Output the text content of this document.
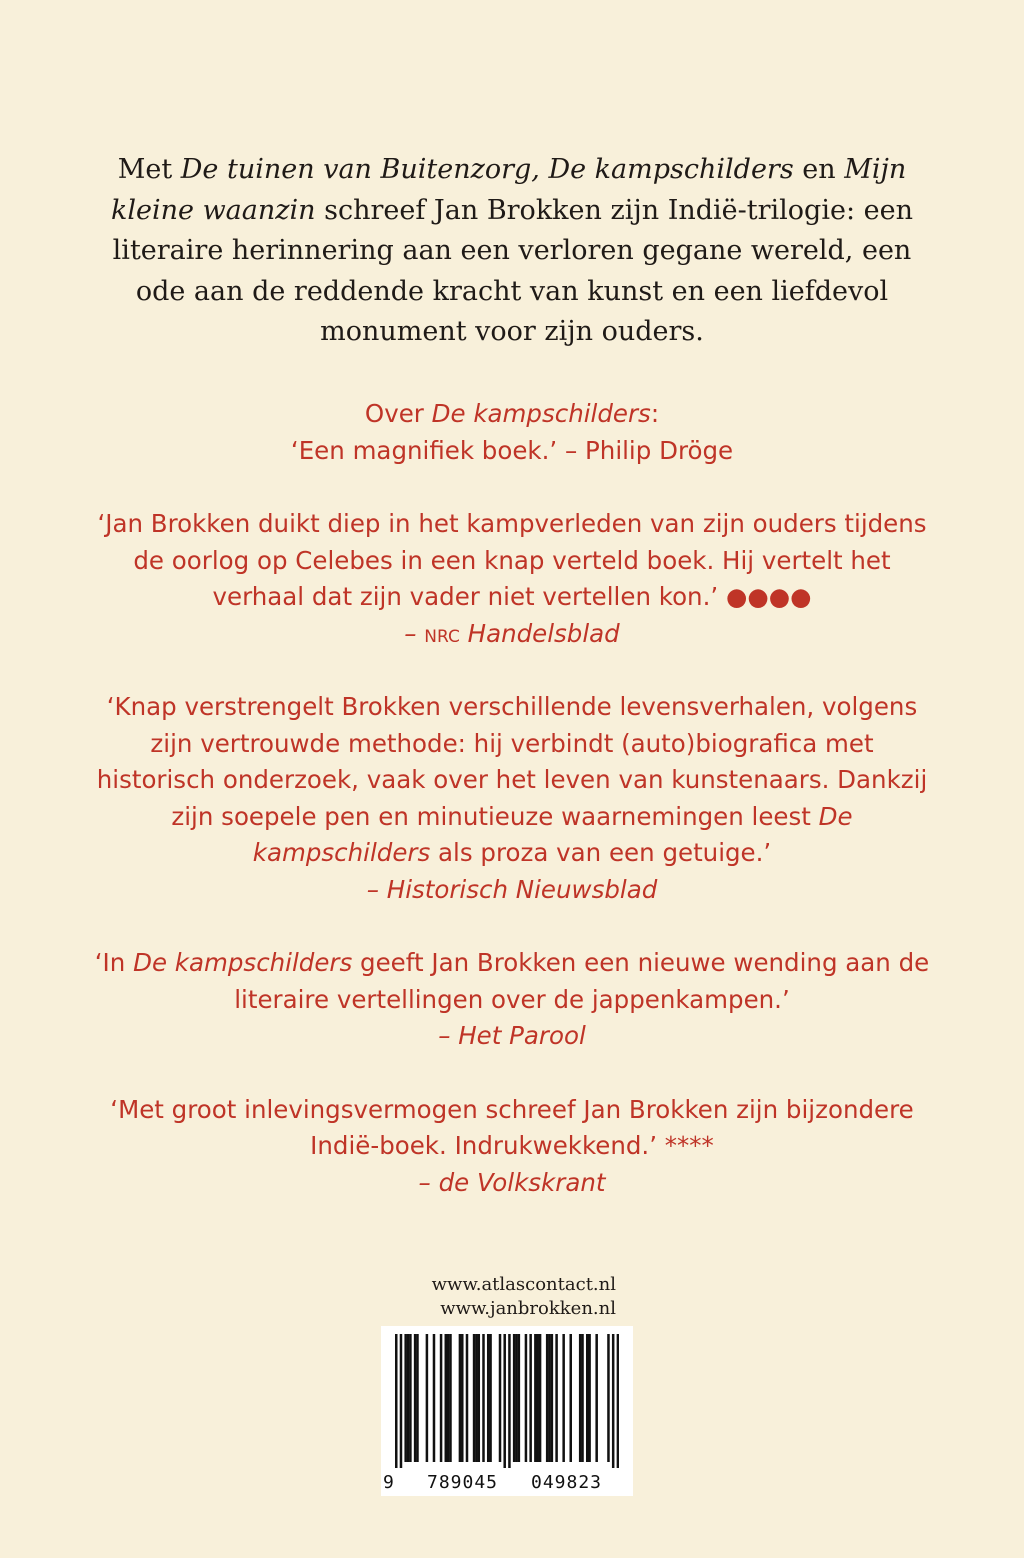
Met De tuinen van Buitenzorg, De kampschilders en Mijn kleine waanzin schreef Jan Brokken zijn Indië-trilogie: een literaire herinnering aan een verloren gegane wereld, een ode aan de reddende kracht van kunst en een liefdevol monument voor zijn ouders.

Over De kampschilders:

‘Een magnifiek boek.’ – Philip Dröge

‘Jan Brokken duikt diep in het kampverleden van zijn ouders tijdens de oorlog op Celebes in een knap verteld boek. Hij vertelt het verhaal dat zijn vader niet vertellen kon.’ ●●●●

– nrc Handelsblad

‘Knap verstrengelt Brokken verschillende levensverhalen, volgens zijn vertrouwde methode: hij verbindt (auto)biografica met historisch onderzoek, vaak over het leven van kunstenaars. Dankzij zijn soepele pen en minutieuze waarnemingen leest De kampschilders als proza van een getuige.’

– Historisch Nieuwsblad

‘In De kampschilders geeft Jan Brokken een nieuwe wending aan de literaire vertellingen over de jappenkampen.’

– Het Parool

‘Met groot inlevingsvermogen schreef Jan Brokken zijn bijzondere Indië-boek. Indrukwekkend.’ ****

– de Volkskrant

www.atlascontact.nl
www.janbrokken.nl
9 789045 049823
